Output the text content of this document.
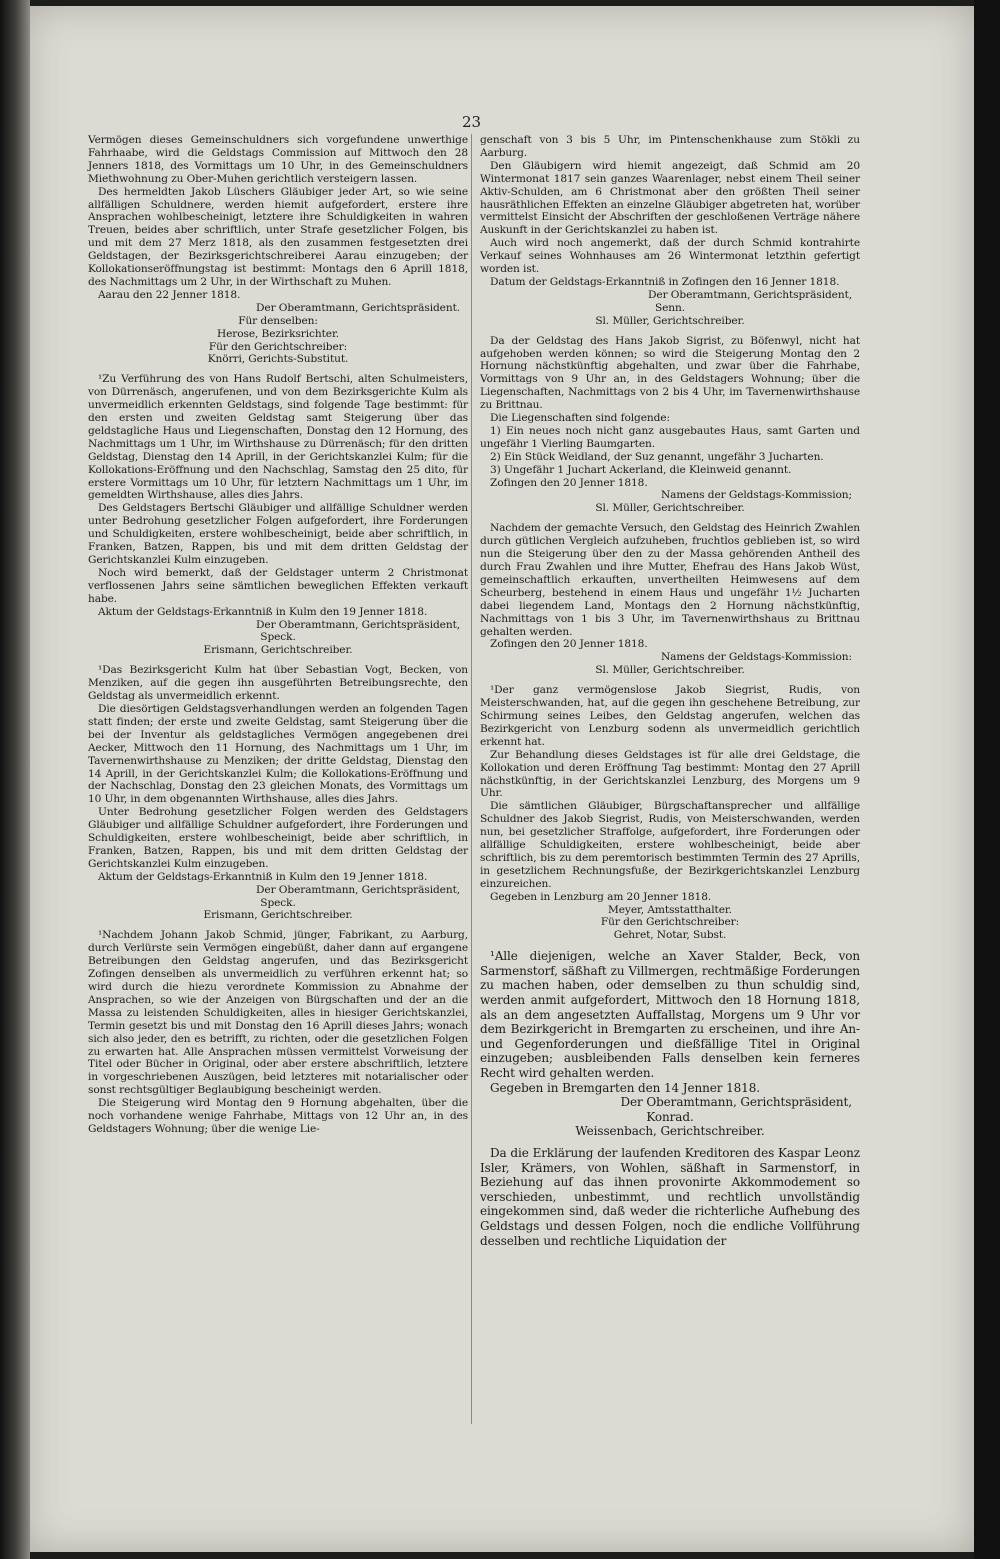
23

Vermögen dieses Gemeinschuldners sich vorgefundene unwerthige Fahrhaabe, wird die Geldstags Commission auf Mittwoch den 28 Jenners 1818, des Vormittags um 10 Uhr, in des Gemeinschuldners Miethwohnung zu Ober-Muhen gerichtlich versteigern lassen.

Des hermeldten Jakob Lüschers Gläubiger jeder Art, so wie seine allfälligen Schuldnere, werden hiemit aufgefordert, erstere ihre Ansprachen wohlbescheinigt, letztere ihre Schuldigkeiten in wahren Treuen, beides aber schriftlich, unter Strafe gesetzlicher Folgen, bis und mit dem 27 Merz 1818, als den zusammen festgesetzten drei Geldstagen, der Bezirksgerichtschreiberei Aarau einzugeben; der Kollokationseröffnungstag ist bestimmt: Montags den 6 Aprill 1818, des Nachmittags um 2 Uhr, in der Wirthschaft zu Muhen.

Aarau den 22 Jenner 1818.

Der Oberamtmann, Gerichtspräsident.

Für denselben:

Herose, Bezirksrichter.

Für den Gerichtschreiber:

Knörri, Gerichts-Substitut.

¹Zu Verführung des von Hans Rudolf Bertschi, alten Schulmeisters, von Dürrenäsch, angerufenen, und von dem Bezirksgerichte Kulm als unvermeidlich erkennten Geldstags, sind folgende Tage bestimmt: für den ersten und zweiten Geldstag samt Steigerung über das geldstagliche Haus und Liegenschaften, Donstag den 12 Hornung, des Nachmittags um 1 Uhr, im Wirthshause zu Dürrenäsch; für den dritten Geldstag, Dienstag den 14 Aprill, in der Gerichtskanzlei Kulm; für die Kollokations-Eröffnung und den Nachschlag, Samstag den 25 dito, für erstere Vormittags um 10 Uhr, für letztern Nachmittags um 1 Uhr, im gemeldten Wirthshause, alles dies Jahrs.

Des Geldstagers Bertschi Gläubiger und allfällige Schuldner werden unter Bedrohung gesetzlicher Folgen aufgefordert, ihre Forderungen und Schuldigkeiten, erstere wohlbescheinigt, beide aber schriftlich, in Franken, Batzen, Rappen, bis und mit dem dritten Geldstag der Gerichtskanzlei Kulm einzugeben.

Noch wird bemerkt, daß der Geldstager unterm 2 Christmonat verflossenen Jahrs seine sämtlichen beweglichen Effekten verkauft habe.

Aktum der Geldstags-Erkanntniß in Kulm den 19 Jenner 1818.

Der Oberamtmann, Gerichtspräsident,

Speck.

Erismann, Gerichtschreiber.

¹Das Bezirksgericht Kulm hat über Sebastian Vogt, Becken, von Menziken, auf die gegen ihn ausgeführten Betreibungsrechte, den Geldstag als unvermeidlich erkennt.

Die diesörtigen Geldstagsverhandlungen werden an folgenden Tagen statt finden; der erste und zweite Geldstag, samt Steigerung über die bei der Inventur als geldstagliches Vermögen angegebenen drei Aecker, Mittwoch den 11 Hornung, des Nachmittags um 1 Uhr, im Tavernenwirthshause zu Menziken; der dritte Geldstag, Dienstag den 14 Aprill, in der Gerichtskanzlei Kulm; die Kollokations-Eröffnung und der Nachschlag, Donstag den 23 gleichen Monats, des Vormittags um 10 Uhr, in dem obgenannten Wirthshause, alles dies Jahrs.

Unter Bedrohung gesetzlicher Folgen werden des Geldstagers Gläubiger und allfällige Schuldner aufgefordert, ihre Forderungen und Schuldigkeiten, erstere wohlbescheinigt, beide aber schriftlich, in Franken, Batzen, Rappen, bis und mit dem dritten Geldstag der Gerichtskanzlei Kulm einzugeben.

Aktum der Geldstags-Erkanntniß in Kulm den 19 Jenner 1818.

Der Oberamtmann, Gerichtspräsident,

Speck.

Erismann, Gerichtschreiber.

¹Nachdem Johann Jakob Schmid, jünger, Fabrikant, zu Aarburg, durch Verlürste sein Vermögen eingebüßt, daher dann auf ergangene Betreibungen den Geldstag angerufen, und das Bezirksgericht Zofingen denselben als unvermeidlich zu verführen erkennt hat; so wird durch die hiezu verordnete Kommission zu Abnahme der Ansprachen, so wie der Anzeigen von Bürgschaften und der an die Massa zu leistenden Schuldigkeiten, alles in hiesiger Gerichtskanzlei, Termin gesetzt bis und mit Donstag den 16 Aprill dieses Jahrs; wonach sich also jeder, den es betrifft, zu richten, oder die gesetzlichen Folgen zu erwarten hat. Alle Ansprachen müssen vermittelst Vorweisung der Titel oder Bücher in Original, oder aber erstere abschriftlich, letztere in vorgeschriebenen Auszügen, beid letzteres mit notarialischer oder sonst rechtsgültiger Beglaubigung bescheinigt werden.

Die Steigerung wird Montag den 9 Hornung abgehalten, über die noch vorhandene wenige Fahrhabe, Mittags von 12 Uhr an, in des Geldstagers Wohnung; über die wenige Lie-

genschaft von 3 bis 5 Uhr, im Pintenschenkhause zum Stökli zu Aarburg.

Den Gläubigern wird hiemit angezeigt, daß Schmid am 20 Wintermonat 1817 sein ganzes Waarenlager, nebst einem Theil seiner Aktiv-Schulden, am 6 Christmonat aber den größten Theil seiner hausräthlichen Effekten an einzelne Gläubiger abgetreten hat, worüber vermittelst Einsicht der Abschriften der geschloßenen Verträge nähere Auskunft in der Gerichtskanzlei zu haben ist.

Auch wird noch angemerkt, daß der durch Schmid kontrahirte Verkauf seines Wohnhauses am 26 Wintermonat letzthin gefertigt worden ist.

Datum der Geldstags-Erkanntniß in Zofingen den 16 Jenner 1818.

Der Oberamtmann, Gerichtspräsident,

Senn.

Sl. Müller, Gerichtschreiber.

Da der Geldstag des Hans Jakob Sigrist, zu Böfenwyl, nicht hat aufgehoben werden können; so wird die Steigerung Montag den 2 Hornung nächstkünftig abgehalten, und zwar über die Fahrhabe, Vormittags von 9 Uhr an, in des Geldstagers Wohnung; über die Liegenschaften, Nachmittags von 2 bis 4 Uhr, im Tavernenwirthshause zu Brittnau.

Die Liegenschaften sind folgende:

1) Ein neues noch nicht ganz ausgebautes Haus, samt Garten und ungefähr 1 Vierling Baumgarten.

2) Ein Stück Weidland, der Suz genannt, ungefähr 3 Jucharten.

3) Ungefähr 1 Juchart Ackerland, die Kleinweid genannt.

Zofingen den 20 Jenner 1818.

Namens der Geldstags-Kommission;

Sl. Müller, Gerichtschreiber.

Nachdem der gemachte Versuch, den Geldstag des Heinrich Zwahlen durch gütlichen Vergleich aufzuheben, fruchtlos geblieben ist, so wird nun die Steigerung über den zu der Massa gehörenden Antheil des durch Frau Zwahlen und ihre Mutter, Ehefrau des Hans Jakob Wüst, gemeinschaftlich erkauften, unvertheilten Heimwesens auf dem Scheurberg, bestehend in einem Haus und ungefähr 1½ Jucharten dabei liegendem Land, Montags den 2 Hornung nächstkünftig, Nachmittags von 1 bis 3 Uhr, im Tavernenwirthshaus zu Brittnau gehalten werden.

Zofingen den 20 Jenner 1818.

Namens der Geldstags-Kommission:

Sl. Müller, Gerichtschreiber.

¹Der ganz vermögenslose Jakob Siegrist, Rudis, von Meisterschwanden, hat, auf die gegen ihn geschehene Betreibung, zur Schirmung seines Leibes, den Geldstag angerufen, welchen das Bezirkgericht von Lenzburg sodenn als unvermeidlich gerichtlich erkennt hat.

Zur Behandlung dieses Geldstages ist für alle drei Geldstage, die Kollokation und deren Eröffnung Tag bestimmt: Montag den 27 Aprill nächstkünftig, in der Gerichtskanzlei Lenzburg, des Morgens um 9 Uhr.

Die sämtlichen Gläubiger, Bürgschaftansprecher und allfällige Schuldner des Jakob Siegrist, Rudis, von Meisterschwanden, werden nun, bei gesetzlicher Straffolge, aufgefordert, ihre Forderungen oder allfällige Schuldigkeiten, erstere wohlbescheinigt, beide aber schriftlich, bis zu dem peremtorisch bestimmten Termin des 27 Aprills, in gesetzlichem Rechnungsfuße, der Bezirkgerichtskanzlei Lenzburg einzureichen.

Gegeben in Lenzburg am 20 Jenner 1818.

Meyer, Amtsstatthalter.

Für den Gerichtschreiber:

Gehret, Notar, Subst.

¹Alle diejenigen, welche an Xaver Stalder, Beck, von Sarmenstorf, säßhaft zu Villmergen, rechtmäßige Forderungen zu machen haben, oder demselben zu thun schuldig sind, werden anmit aufgefordert, Mittwoch den 18 Hornung 1818, als an dem angesetzten Auffallstag, Morgens um 9 Uhr vor dem Bezirkgericht in Bremgarten zu erscheinen, und ihre An- und Gegenforderungen und dießfällige Titel in Original einzugeben; ausbleibenden Falls denselben kein ferneres Recht wird gehalten werden.

Gegeben in Bremgarten den 14 Jenner 1818.

Der Oberamtmann, Gerichtspräsident,

Konrad.

Weissenbach, Gerichtschreiber.

Da die Erklärung der laufenden Kreditoren des Kaspar Leonz Isler, Krämers, von Wohlen, säßhaft in Sarmenstorf, in Beziehung auf das ihnen provonirte Akkommodement so verschieden, unbestimmt, und rechtlich unvollständig eingekommen sind, daß weder die richterliche Aufhebung des Geldstags und dessen Folgen, noch die endliche Vollführung desselben und rechtliche Liquidation der
